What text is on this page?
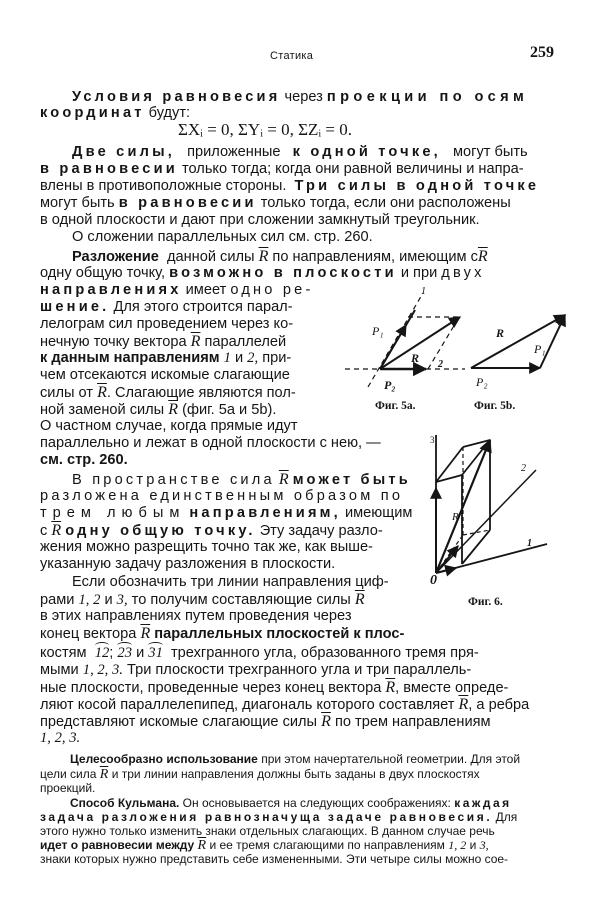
Статика	259
Условия равновесия через проекции по осям
координат будут:
ΣXᵢ = 0, ΣYᵢ = 0, ΣZᵢ = 0.
Две силы, приложенные к одной точке, могут быть
в равновесии только тогда; когда они равной величины и напра-
влены в противоположные стороны. Три силы в одной точке
могут быть в равновесии только тогда, если они расположены
в одной плоскости и дают при сложении замкнутый треугольник.
О сложении параллельных сил см. стр. 260.
Разложение данной силы $\overline{R}$ по направлениям, имеющим $с\overline{R}$
одну общую точку, возможно в плоскости и при двух
направлениях имеет одно ре-
шение. Для этого строится парал-
лелограм сил проведением через ко-
нечную точку вектора $\overline{R}$ параллелей
к данным направлениям 1 и 2, при-
чем отсекаются искомые слагающие
силы от $\overline{R}$. Слагающие являются пол-
ной заменой силы $\overline{R}$ (фиг. 5a и 5b).
О частном случае, когда прямые идут
параллельно и лежат в одной плоскости с нею, —
см. стр. 260.
В пространстве сила $\overline{R}$ может быть
разложена единственным образом по
трем любым направлениям, имеющим
с $\overline{R}$ одну общую точку. Эту задачу разло-
жения можно разрещить точно так же, как выше-
указанную задачу разложения в плоскости.
Если обозначить три линии направления циф-
рами 1, 2 и 3, то получим составляющие силы $\overline{R}$
в этих направлениях путем проведения через
конец вектора $\overline{R}$ параллельных плоскостей к плос-
костям 12; 23 и 31 трехгранного угла, образованного тремя пря-
мыми 1, 2, 3. Три плоскости трехгранного угла и три параллель-
ные плоскости, проведенные через конец вектора $\overline{R}$, вместе опреде-
ляют косой параллелепипед, диагональ которого составляет $\overline{R}$, а ребра
представляют искомые слагающие силы $\overline{R}$ по трем направлениям
1, 2, 3.
Целесообразно использование при этом начертательной геометрии. Для этой
цели сила $\overline{R}$ и три линии направления должны быть заданы в двух плоскостях
проекций.
Способ Кульмана. Он основывается на следующих соображениях: каждая
задача разложения равнозначуща задаче равновесия. Для
этого нужно только изменить знаки отдельных слагающих. В данном случае речь
идет о равновесии между $\overline{R}$ и ее тремя слагающими по направлениям 1, 2 и 3,
знаки которых нужно представить себе измененными. Эти четыре силы можно сое-
P₁
R
P₂
1
2
Фиг. 5а.
R
P₁
P₂
Фиг. 5b.
3
2
1
R
0
Фиг. 6.
